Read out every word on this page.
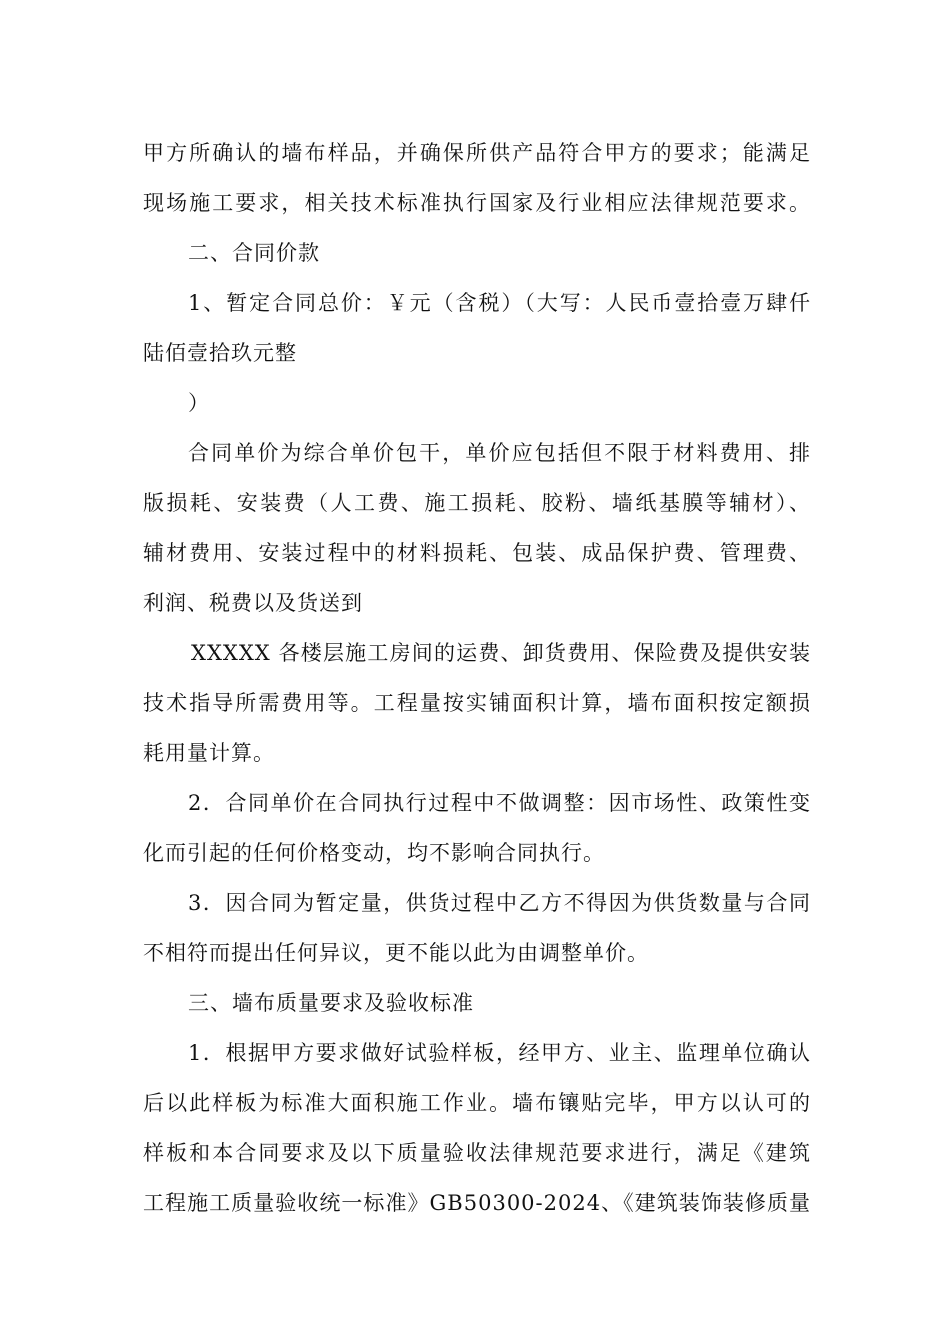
甲方所确认的墙布样品，并确保所供产品符合甲方的要求；能满足
现场施工要求，相关技术标准执行国家及行业相应法律规范要求。
二、合同价款
1、暂定合同总价：￥元（含税）（大写：人民币壹拾壹万肆仟
陆佰壹拾玖元整
）
合同单价为综合单价包干，单价应包括但不限于材料费用、排
版损耗、安装费（人工费、施工损耗、胶粉、墙纸基膜等辅材）、
辅材费用、安装过程中的材料损耗、包装、成品保护费、管理费、
利润、税费以及货送到
XXXXX 各楼层施工房间的运费、卸货费用、保险费及提供安装
技术指导所需费用等。工程量按实铺面积计算，墙布面积按定额损
耗用量计算。
2．合同单价在合同执行过程中不做调整：因市场性、政策性变
化而引起的任何价格变动，均不影响合同执行。
3．因合同为暂定量，供货过程中乙方不得因为供货数量与合同
不相符而提出任何异议，更不能以此为由调整单价。
三、墙布质量要求及验收标准
1．根据甲方要求做好试验样板，经甲方、业主、监理单位确认
后以此样板为标准大面积施工作业。墙布镶贴完毕，甲方以认可的
样板和本合同要求及以下质量验收法律规范要求进行，满足《建筑
工程施工质量验收统一标准》GB50300-2024、《建筑装饰装修质量
